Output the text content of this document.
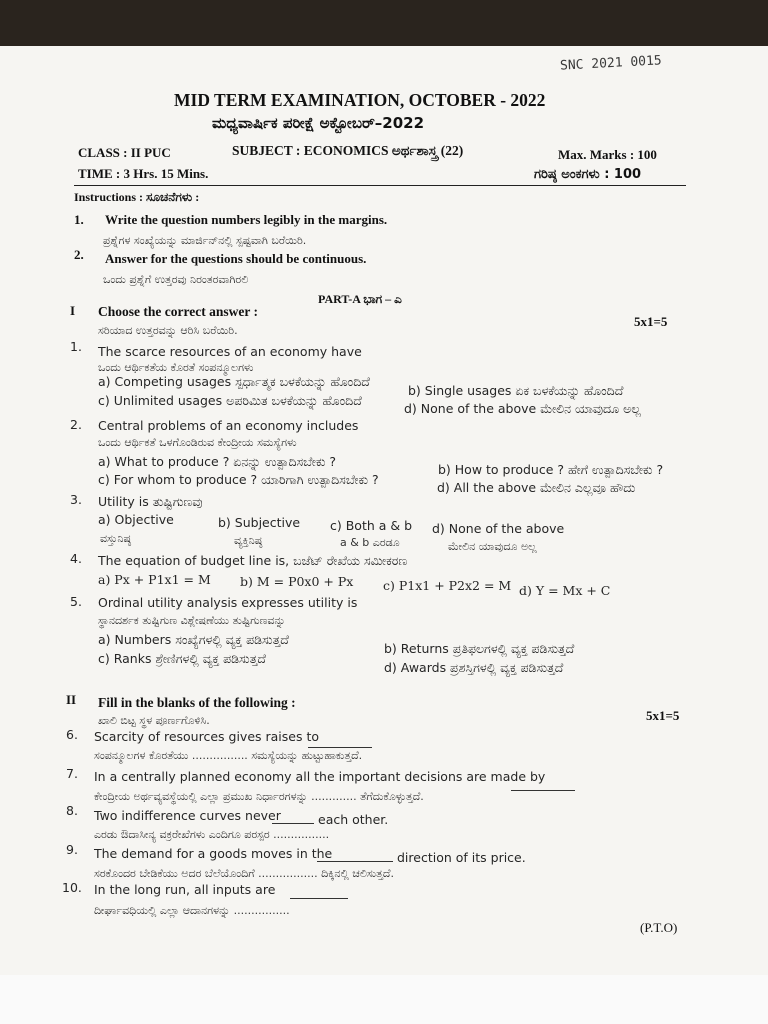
SNC 2021 0015
MID TERM EXAMINATION, OCTOBER - 2022
ಮಧ್ಯವಾರ್ಷಿಕ ಪರೀಕ್ಷೆ ಅಕ್ಟೋಬರ್–2022
CLASS : II PUC	SUBJECT : ECONOMICS ಅರ್ಥಶಾಸ್ತ್ರ (22)	Max. Marks : 100
TIME : 3 Hrs. 15 Mins.	ಗರಿಷ್ಠ ಅಂಕಗಳು : 100
Instructions : ಸೂಚನೆಗಳು :
1. Write the question numbers legibly in the margins.
ಪ್ರಶ್ನೆಗಳ ಸಂಖ್ಯೆಯನ್ನು ಮಾರ್ಜಿನ್‌ನಲ್ಲಿ ಸ್ಪಷ್ಟವಾಗಿ ಬರೆಯಿರಿ.
2. Answer for the questions should be continuous.
ಒಂದು ಪ್ರಶ್ನೆಗೆ ಉತ್ತರವು ನಿರಂತರವಾಗಿರಲಿ
PART-A ಭಾಗ – ಎ
I Choose the correct answer :
ಸರಿಯಾದ ಉತ್ತರವನ್ನು ಆರಿಸಿ ಬರೆಯಿರಿ.
5x1=5
1. The scarce resources of an economy have
ಒಂದು ಆರ್ಥಿಕತೆಯ ಕೊರತೆ ಸಂಪನ್ಮೂಲಗಳು
a) Competing usages ಸ್ಪರ್ಧಾತ್ಮಕ ಬಳಕೆಯನ್ನು ಹೊಂದಿದೆ
b) Single usages ಏಕ ಬಳಕೆಯನ್ನು ಹೊಂದಿದೆ
c) Unlimited usages ಅಪರಿಮಿತ ಬಳಕೆಯನ್ನು ಹೊಂದಿದೆ
d) None of the above ಮೇಲಿನ ಯಾವುದೂ ಅಲ್ಲ
2. Central problems of an economy includes
ಒಂದು ಆರ್ಥಿಕತೆ ಒಳಗೊಂಡಿರುವ ಕೇಂದ್ರೀಯ ಸಮಸ್ಯೆಗಳು
a) What to produce ? ಏನನ್ನು ಉತ್ಪಾದಿಸಬೇಕು ?
b) How to produce ? ಹೇಗೆ ಉತ್ಪಾದಿಸಬೇಕು ?
c) For whom to produce ? ಯಾರಿಗಾಗಿ ಉತ್ಪಾದಿಸಬೇಕು ?
d) All the above ಮೇಲಿನ ಎಲ್ಲವೂ ಹೌದು
3. Utility is ತುಷ್ಟಿಗುಣವು
a) Objective
ವಸ್ತುನಿಷ್ಠ
b) Subjective
ವ್ಯಕ್ತಿನಿಷ್ಠ
c) Both a & b
a & b ಎರಡೂ
d) None of the above
ಮೇಲಿನ ಯಾವುದೂ ಅಲ್ಲ
4. The equation of budget line is, ಬಜೆಟ್ ರೇಖೆಯ ಸಮೀಕರಣ
a) Px + P1x1 = M b) M = P0x0 + Px c) P1x1 + P2x2 = M d) Y = Mx + C
5. Ordinal utility analysis expresses utility is
ಸ್ಥಾನದರ್ಶಕ ತುಷ್ಟಿಗುಣ ವಿಶ್ಲೇಷಣೆಯು ತುಷ್ಟಿಗುಣವನ್ನು
a) Numbers ಸಂಖ್ಯೆಗಳಲ್ಲಿ ವ್ಯಕ್ತ ಪಡಿಸುತ್ತದೆ
b) Returns ಪ್ರತಿಫಲಗಳಲ್ಲಿ ವ್ಯಕ್ತ ಪಡಿಸುತ್ತದೆ
c) Ranks ಶ್ರೇಣಿಗಳಲ್ಲಿ ವ್ಯಕ್ತ ಪಡಿಸುತ್ತದೆ
d) Awards ಪ್ರಶಸ್ತಿಗಳಲ್ಲಿ ವ್ಯಕ್ತ ಪಡಿಸುತ್ತದೆ
II Fill in the blanks of the following :
ಖಾಲಿ ಬಿಟ್ಟ ಸ್ಥಳ ಪೂರ್ಣಗೊಳಿಸಿ.	5x1=5
6. Scarcity of resources gives raises to
ಸಂಪನ್ಮೂಲಗಳ ಕೊರತೆಯು ................ ಸಮಸ್ಯೆಯನ್ನು ಹುಟ್ಟುಹಾಕುತ್ತದೆ.
7. In a centrally planned economy all the important decisions are made by
ಕೇಂದ್ರೀಯ ಅರ್ಥವ್ಯವಸ್ಥೆಯಲ್ಲಿ ಎಲ್ಲಾ ಪ್ರಮುಖ ನಿರ್ಧಾರಗಳನ್ನು ............. ತೆಗೆದುಕೊಳ್ಳುತ್ತದೆ.
8. Two indifference curves never	each other.
ಎರಡು ಔದಾಸೀನ್ಯ ವಕ್ರರೇಖೆಗಳು ಎಂದಿಗೂ ಪರಸ್ಪರ ................
9. The demand for a goods moves in the	direction of its price.
ಸರಕೊಂದರ ಬೇಡಿಕೆಯು ಅದರ ಬೆಲೆಯೊಂದಿಗೆ ................. ದಿಕ್ಕಿನಲ್ಲಿ ಚಲಿಸುತ್ತದೆ.
10. In the long run, all inputs are
ದೀರ್ಘಾವಧಿಯಲ್ಲಿ ಎಲ್ಲಾ ಆದಾನಗಳನ್ನು ................
(P.T.O)
